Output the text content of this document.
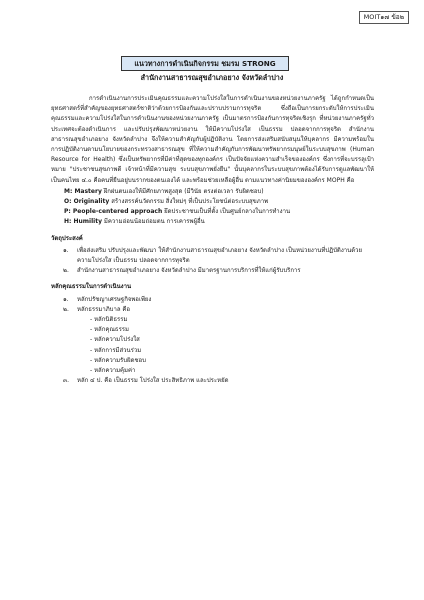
MOIT๑๗ ข้อ๒
แนวทางการดำเนินกิจกรรม ชมรม STRONG
สำนักงานสาธารณสุขอำเภอยาง จังหวัดลำปาง

การดำเนินงานการประเมินคุณธรรมและความโปร่งใสในการดำเนินงานของหน่วยงานภาครัฐ ได้ถูกกำหนดเป็นยุทธศาสตร์ที่สำคัญของยุทธศาสตร์ชาติว่าด้วยการป้องกันและปราบปรามการทุจริต ซึ่งถือเป็นการยกระดับให้การประเมินคุณธรรมและความโปร่งใสในการดำเนินงานของหน่วยงานภาครัฐ เป็นมาตรการป้องกันการทุจริตเชิงรุก ที่หน่วยงานภาครัฐทั่วประเทศจะต้องดำเนินการ และปรับปรุงพัฒนาหน่วยงาน ให้มีความโปร่งใส เป็นธรรม ปลอดจากการทุจริต สำนักงานสาธารณสุขอำเภอยาง จังหวัดลำปาง จึงให้ความสำคัญกับผู้ปฏิบัติงาน โดยการส่งเสริมสนับสนุนให้บุคลากร มีความพร้อมในการปฏิบัติงานตามนโยบายของกระทรวงสาธารณสุข ที่ให้ความสำคัญกับการพัฒนาทรัพยากรมนุษย์ในระบบสุขภาพ (Human Resource for Health) ซึ่งเป็นทรัพยากรที่มีค่าที่สุดของทุกองค์กร เป็นปัจจัยแห่งความสำเร็จขององค์กร ซึ่งการที่จะบรรลุเป้าหมาย "ประชาชนสุขภาพดี เจ้าหน้าที่มีความสุข ระบบสุขภาพยั่งยืน" นั้นบุคลากรในระบบสุขภาพต้องได้รับการดูแลพัฒนาให้เป็นคนไทย ๔.๐ คือคนที่ยืนอยู่บนรากของตนเองได้ และพร้อมช่วยเหลือผู้อื่น ตามแนวทางค่านิยมขององค์กร MOPH คือ

M: Mastery ฝึกฝนตนเองให้มีศักยภาพสูงสุด (มีวินัย ตรงต่อเวลา รับผิดชอบ)
O: Originality สร้างสรรค์นวัตกรรม สิ่งใหม่ๆ ที่เป็นประโยชน์ต่อระบบสุขภาพ
P: People-centered approach ยึดประชาชนเป็นที่ตั้ง เป็นศูนย์กลางในการทำงาน
H: Humility มีความอ่อนน้อมถ่อมตน การเคารพผู้อื่น
วัตถุประสงค์
๑.	เพื่อส่งเสริม ปรับปรุงและพัฒนา ให้สำนักงานสาธารณสุขอำเภอยาง จังหวัดลำปาง เป็นหน่วยงานที่ปฏิบัติงานด้วยความโปร่งใส เป็นธรรม ปลอดจากการทุจริต
๒.	สำนักงานสาธารณสุขอำเภอยาง จังหวัดลำปาง มีมาตรฐานการบริการที่ให้แก่ผู้รับบริการ
หลักคุณธรรมในการดำเนินงาน
๑.	หลักปรัชญาเศรษฐกิจพอเพียง
๒.	หลักธรรมาภิบาล คือ
- หลักนิติธรรม
- หลักคุณธรรม
- หลักความโปร่งใส
- หลักการมีส่วนร่วม
- หลักความรับผิดชอบ
- หลักความคุ้มค่า
๓.	หลัก ๔ ป. คือ เป็นธรรม โปร่งใส ประสิทธิภาพ และประหยัด
